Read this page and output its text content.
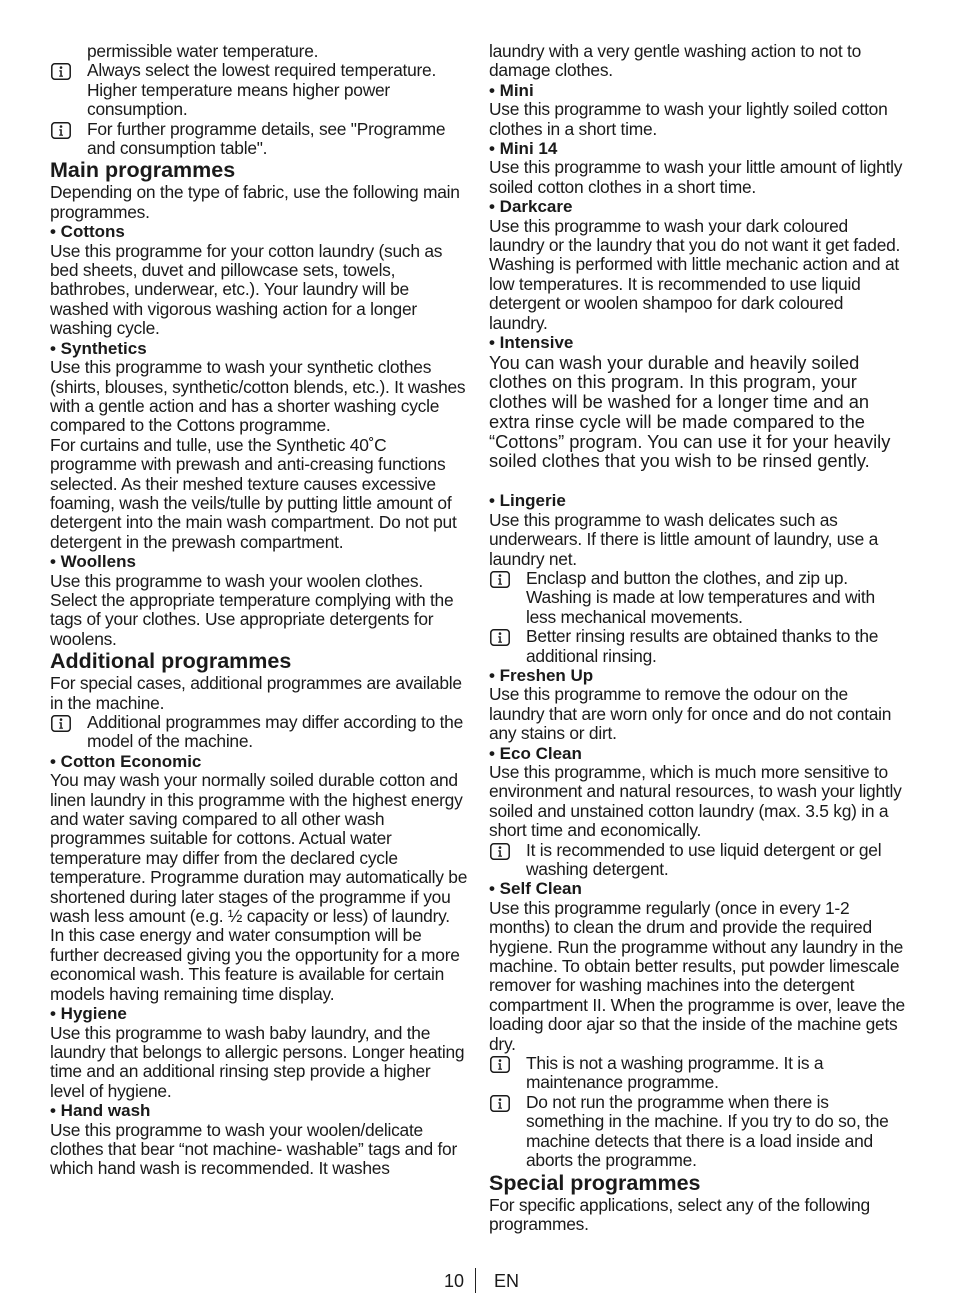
permissible water temperature.

Always select the lowest required temperature. Higher temperature means higher power consumption.

For further programme details, see "Programme and consumption table".

Main programmes

Depending on the type of fabric, use the following main programmes.

• Cottons

Use this programme for your cotton laundry (such as bed sheets, duvet and pillowcase sets, towels, bathrobes, underwear, etc.). Your laundry will be washed with vigorous washing action for a longer washing cycle.

• Synthetics

Use this programme to wash your synthetic clothes (shirts, blouses, synthetic/cotton blends, etc.). It washes with a gentle action and has a shorter washing cycle compared to the Cottons programme.

For curtains and tulle, use the Synthetic 40˚C programme with prewash and anti-creasing functions selected. As their meshed texture causes excessive foaming, wash the veils/tulle by putting little amount of detergent into the main wash compartment. Do not put detergent in the prewash compartment.

• Woollens

Use this programme to wash your woolen clothes. Select the appropriate temperature complying with the tags of your clothes. Use appropriate detergents for woolens.

Additional programmes

For special cases, additional programmes are available in the machine.

Additional programmes may differ according to the model of the machine.

• Cotton Economic

You may wash your normally soiled durable cotton and linen laundry in this programme with the highest energy and water saving compared to all other wash programmes suitable for cottons. Actual water temperature may differ from the declared cycle temperature. Programme duration may automatically be shortened during later stages of the programme if you wash less amount (e.g. ½ capacity or less) of laundry. In this case energy and water consumption will be further decreased giving you the opportunity for a more economical wash. This feature is available for certain models having remaining time display.

• Hygiene

Use this programme to wash baby laundry, and the laundry that belongs to allergic persons. Longer heating time and an additional rinsing step provide a higher level of hygiene.

• Hand wash

Use this programme to wash your woolen/delicate clothes that bear “not machine- washable” tags and for which hand wash is recommended. It washes

laundry with a very gentle washing action to not to damage clothes.

• Mini

Use this programme to wash your lightly soiled cotton clothes in a short time.

• Mini 14

Use this programme to wash your little amount of lightly soiled cotton clothes in a short time.

• Darkcare

Use this programme to wash your dark coloured laundry or the laundry that you do not want it get faded. Washing is performed with little mechanic action and at low temperatures. It is recommended to use liquid detergent or woolen shampoo for dark coloured laundry.

• Intensive

You can wash your durable and heavily soiled clothes on this program. In this program, your clothes will be washed for a longer time and an extra rinse cycle will be made compared to the “Cottons” program. You can use it for your heavily soiled clothes that you wish to be rinsed gently.

• Lingerie

Use this programme to wash delicates such as underwears. If there is little amount of laundry, use a laundry net.

Enclasp and button the clothes, and zip up. Washing is made at low temperatures and with less mechanical movements.

Better rinsing results are obtained thanks to the additional rinsing.

• Freshen Up

Use this programme to remove the odour on the laundry that are worn only for once and do not contain any stains or dirt.

• Eco Clean

Use this programme, which is much more sensitive to environment and natural resources, to wash your lightly soiled and unstained cotton laundry (max. 3.5 kg) in a short time and economically.

It is recommended to use liquid detergent or gel washing detergent.

• Self Clean

Use this programme regularly (once in every 1-2 months) to clean the drum and provide the required hygiene. Run the programme without any laundry in the machine. To obtain better results, put powder limescale remover for washing machines into the detergent compartment II. When the programme is over, leave the loading door ajar so that the inside of the machine gets dry.

This is not a washing programme. It is a maintenance programme.

Do not run the programme when there is something in the machine. If you try to do so, the machine detects that there is a load inside and aborts the programme.

Special programmes

For specific applications, select any of the following programmes.

10 EN
